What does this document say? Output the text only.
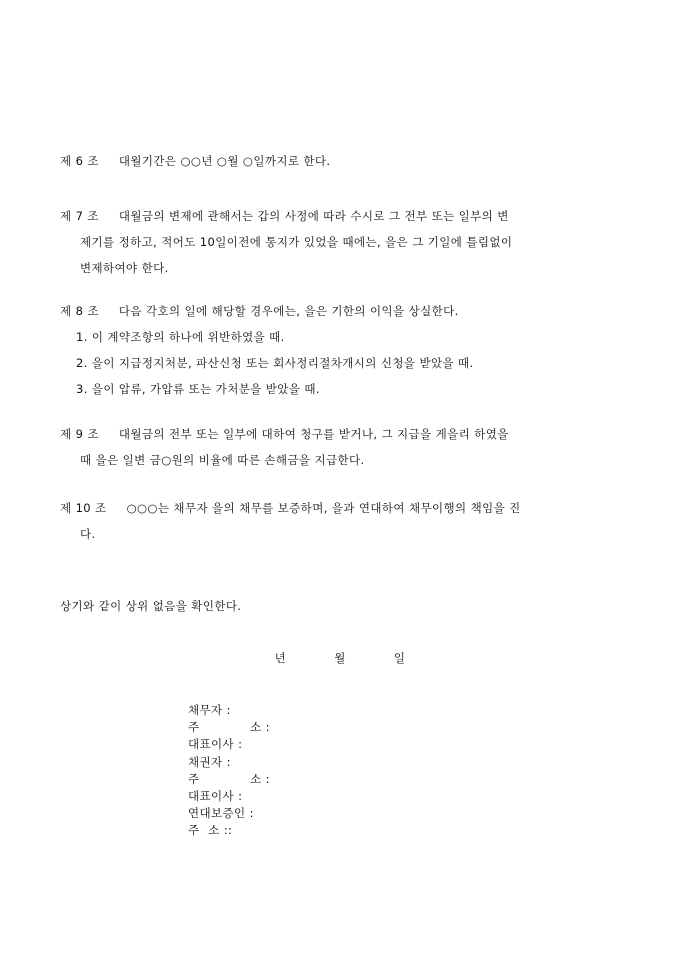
제 6 조 대월기간은 ○○년 ○월 ○일까지로 한다.
제 7 조 대월금의 변제에 관해서는 갑의 사정에 따라 수시로 그 전부 또는 일부의 변
제기를 정하고, 적어도 10일이전에 통지가 있었을 때에는, 을은 그 기일에 틀림없이
변제하여야 한다.
제 8 조 다음 각호의 일에 해당할 경우에는, 을은 기한의 이익을 상실한다.
1. 이 계약조항의 하나에 위반하였을 때.
2. 을이 지급정지처분, 파산신청 또는 회사정리절차개시의 신청을 받았을 때.
3. 을이 압류, 가압류 또는 가처분을 받았을 때.
제 9 조 대월금의 전부 또는 일부에 대하여 청구를 받거나, 그 지급을 게을리 하였을
때 을은 일변 금○원의 비율에 따른 손해금을 지급한다.
제 10 조 ○○○는 채무자 을의 채무를 보증하며, 을과 연대하여 채무이행의 책임을 진
다.
상기와 같이 상위 없음을 확인한다.
년	월	일
채무자 :
주	소 :
대표이사 :
채권자 :
주	소 :
대표이사 :
연대보증인 :
주 소 ::
